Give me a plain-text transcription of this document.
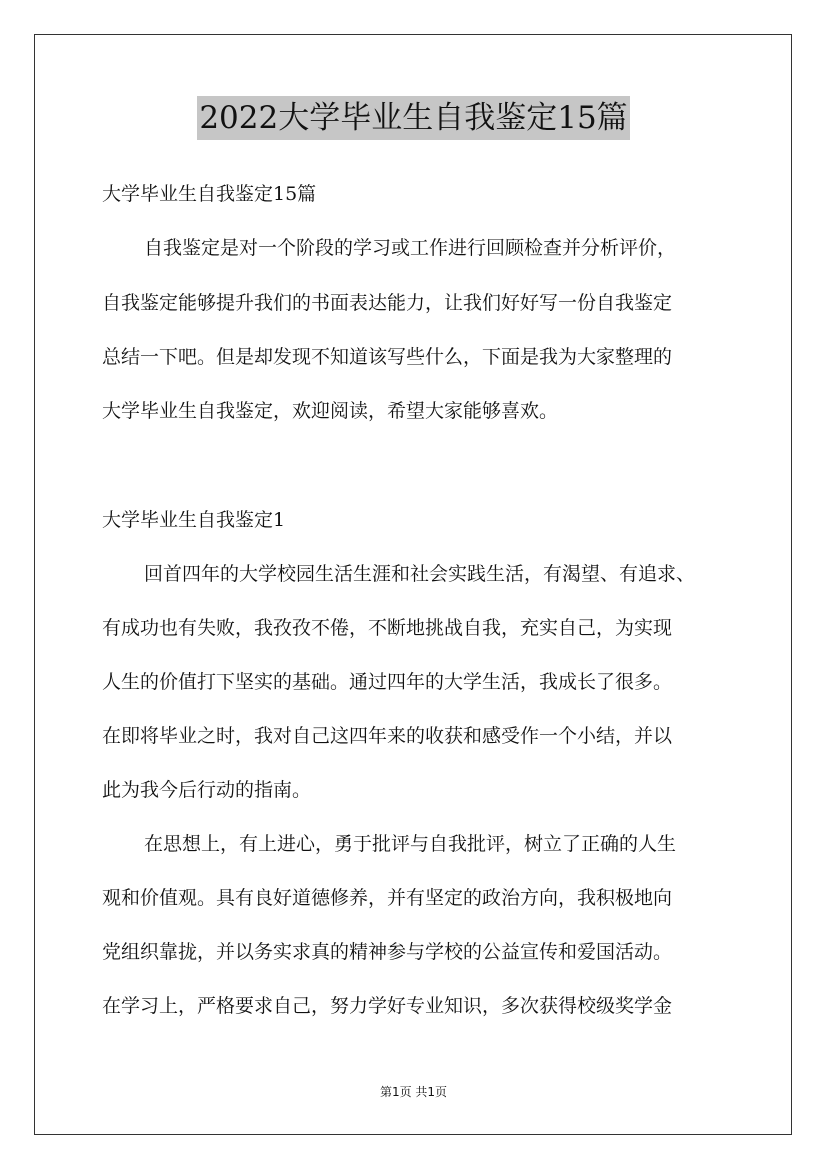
2022大学毕业生自我鉴定15篇
大学毕业生自我鉴定15篇
自我鉴定是对一个阶段的学习或工作进行回顾检查并分析评价，
自我鉴定能够提升我们的书面表达能力，让我们好好写一份自我鉴定
总结一下吧。但是却发现不知道该写些什么，下面是我为大家整理的
大学毕业生自我鉴定，欢迎阅读，希望大家能够喜欢。
大学毕业生自我鉴定1
回首四年的大学校园生活生涯和社会实践生活，有渴望、有追求、
有成功也有失败，我孜孜不倦，不断地挑战自我，充实自己，为实现
人生的价值打下坚实的基础。通过四年的大学生活，我成长了很多。
在即将毕业之时，我对自己这四年来的收获和感受作一个小结，并以
此为我今后行动的指南。
在思想上，有上进心，勇于批评与自我批评，树立了正确的人生
观和价值观。具有良好道德修养，并有坚定的政治方向，我积极地向
党组织靠拢，并以务实求真的精神参与学校的公益宣传和爱国活动。
在学习上，严格要求自己，努力学好专业知识，多次获得校级奖学金
第1页 共1页
